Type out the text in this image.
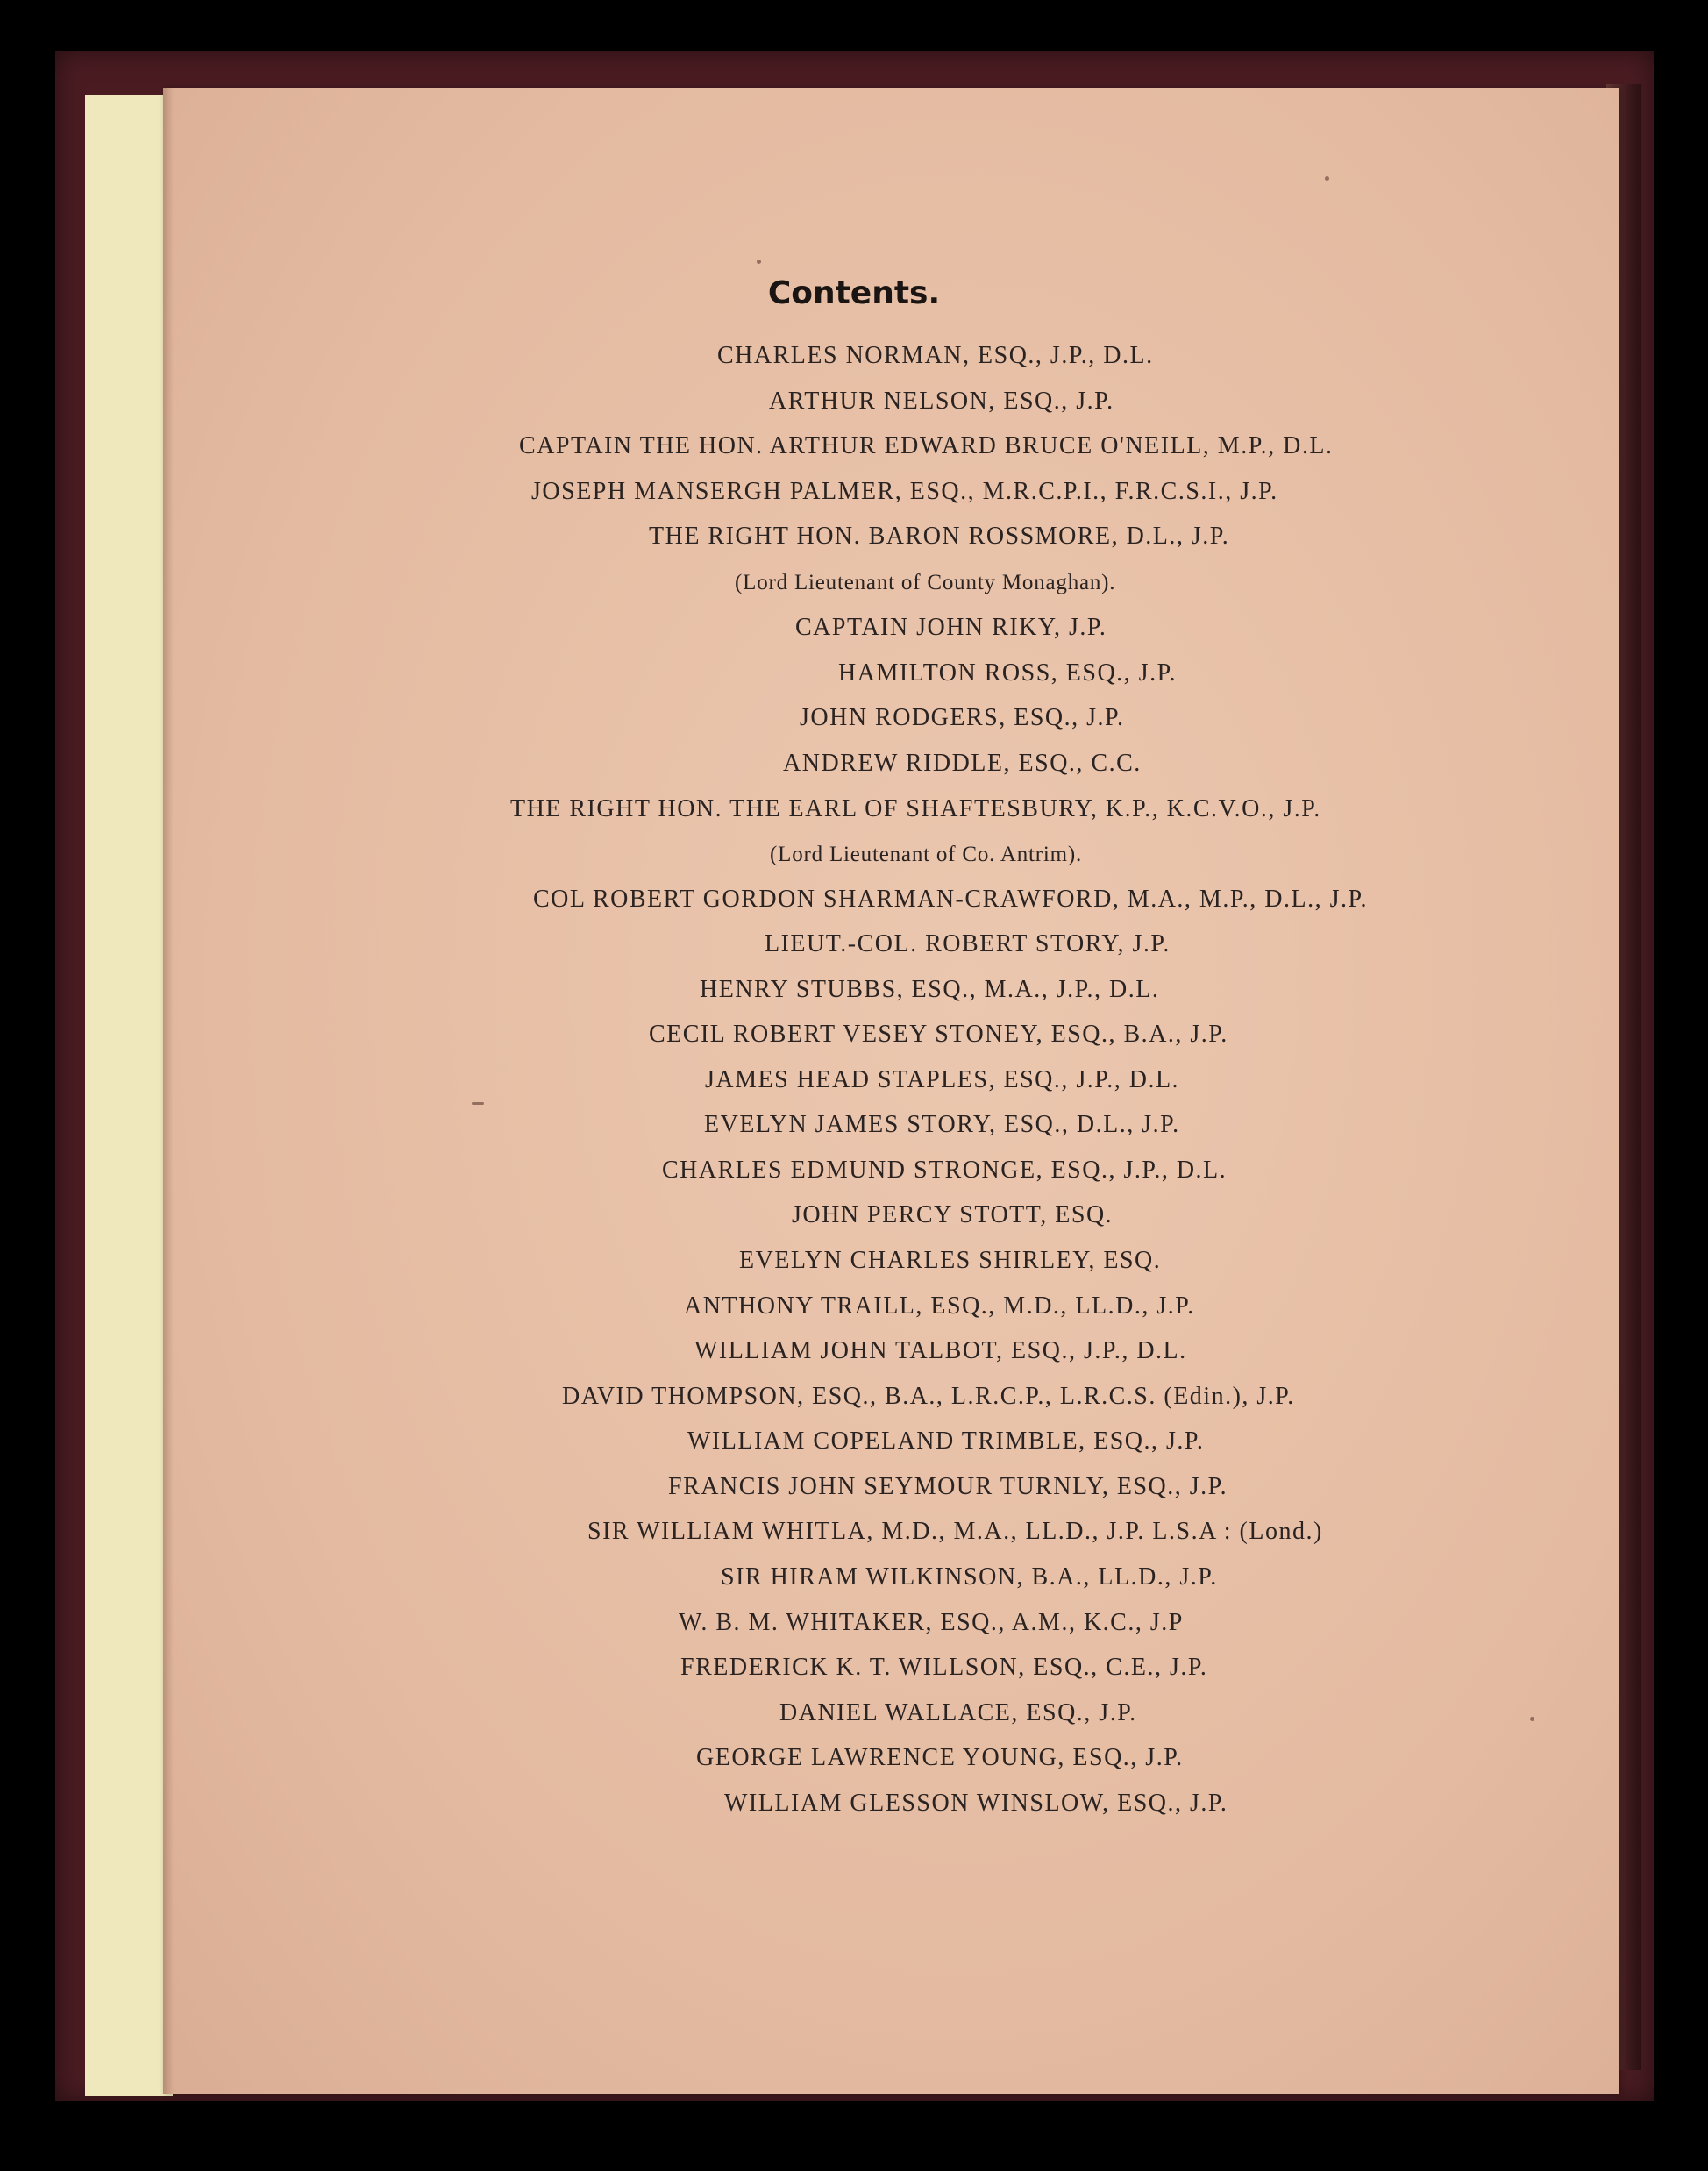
Contents.
CHARLES NORMAN, ESQ., J.P., D.L.
ARTHUR NELSON, ESQ., J.P.
CAPTAIN THE HON. ARTHUR EDWARD BRUCE O'NEILL, M.P., D.L.
JOSEPH MANSERGH PALMER, ESQ., M.R.C.P.I., F.R.C.S.I., J.P.
THE RIGHT HON. BARON ROSSMORE, D.L., J.P.
(Lord Lieutenant of County Monaghan).
CAPTAIN JOHN RIKY, J.P.
HAMILTON ROSS, ESQ., J.P.
JOHN RODGERS, ESQ., J.P.
ANDREW RIDDLE, ESQ., C.C.
THE RIGHT HON. THE EARL OF SHAFTESBURY, K.P., K.C.V.O., J.P.
(Lord Lieutenant of Co. Antrim).
COL ROBERT GORDON SHARMAN-CRAWFORD, M.A., M.P., D.L., J.P.
LIEUT.-COL. ROBERT STORY, J.P.
HENRY STUBBS, ESQ., M.A., J.P., D.L.
CECIL ROBERT VESEY STONEY, ESQ., B.A., J.P.
JAMES HEAD STAPLES, ESQ., J.P., D.L.
EVELYN JAMES STORY, ESQ., D.L., J.P.
CHARLES EDMUND STRONGE, ESQ., J.P., D.L.
JOHN PERCY STOTT, ESQ.
EVELYN CHARLES SHIRLEY, ESQ.
ANTHONY TRAILL, ESQ., M.D., LL.D., J.P.
WILLIAM JOHN TALBOT, ESQ., J.P., D.L.
DAVID THOMPSON, ESQ., B.A., L.R.C.P., L.R.C.S. (Edin.), J.P.
WILLIAM COPELAND TRIMBLE, ESQ., J.P.
FRANCIS JOHN SEYMOUR TURNLY, ESQ., J.P.
SIR WILLIAM WHITLA, M.D., M.A., LL.D., J.P. L.S.A : (Lond.)
SIR HIRAM WILKINSON, B.A., LL.D., J.P.
W. B. M. WHITAKER, ESQ., A.M., K.C., J.P
FREDERICK K. T. WILLSON, ESQ., C.E., J.P.
DANIEL WALLACE, ESQ., J.P.
GEORGE LAWRENCE YOUNG, ESQ., J.P.
WILLIAM GLESSON WINSLOW, ESQ., J.P.
